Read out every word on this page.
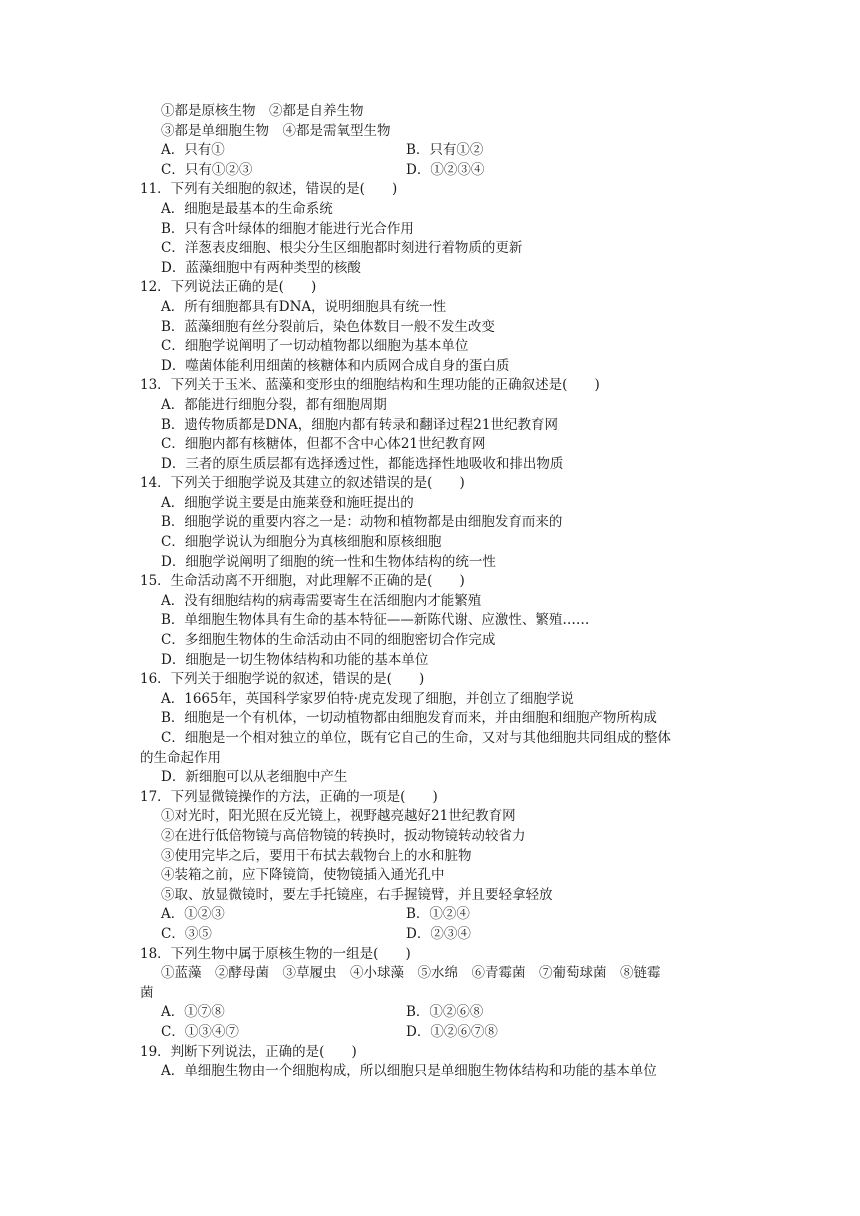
①都是原核生物　②都是自养生物
③都是单细胞生物　④都是需氧型生物
A．只有①	B．只有①②
C．只有①②③	D．①②③④
11．下列有关细胞的叙述，错误的是(　　)
A．细胞是最基本的生命系统
B．只有含叶绿体的细胞才能进行光合作用
C．洋葱表皮细胞、根尖分生区细胞都时刻进行着物质的更新
D．蓝藻细胞中有两种类型的核酸
12．下列说法正确的是(　　)
A．所有细胞都具有DNA，说明细胞具有统一性
B．蓝藻细胞有丝分裂前后，染色体数目一般不发生改变
C．细胞学说阐明了一切动植物都以细胞为基本单位
D．噬菌体能利用细菌的核糖体和内质网合成自身的蛋白质
13．下列关于玉米、蓝藻和变形虫的细胞结构和生理功能的正确叙述是(　　)
A．都能进行细胞分裂，都有细胞周期
B．遗传物质都是DNA，细胞内都有转录和翻译过程21世纪教育网
C．细胞内都有核糖体，但都不含中心体21世纪教育网
D．三者的原生质层都有选择透过性，都能选择性地吸收和排出物质
14．下列关于细胞学说及其建立的叙述错误的是(　　)
A．细胞学说主要是由施莱登和施旺提出的
B．细胞学说的重要内容之一是：动物和植物都是由细胞发育而来的
C．细胞学说认为细胞分为真核细胞和原核细胞
D．细胞学说阐明了细胞的统一性和生物体结构的统一性
15．生命活动离不开细胞，对此理解不正确的是(　　)
A．没有细胞结构的病毒需要寄生在活细胞内才能繁殖
B．单细胞生物体具有生命的基本特征——新陈代谢、应激性、繁殖……
C．多细胞生物体的生命活动由不同的细胞密切合作完成
D．细胞是一切生物体结构和功能的基本单位
16．下列关于细胞学说的叙述，错误的是(　　)
A．1665年，英国科学家罗伯特·虎克发现了细胞，并创立了细胞学说
B．细胞是一个有机体，一切动植物都由细胞发育而来，并由细胞和细胞产物所构成
C．细胞是一个相对独立的单位，既有它自己的生命，又对与其他细胞共同组成的整体
的生命起作用
D．新细胞可以从老细胞中产生
17．下列显微镜操作的方法，正确的一项是(　　)
①对光时，阳光照在反光镜上，视野越亮越好21世纪教育网
②在进行低倍物镜与高倍物镜的转换时，扳动物镜转动较省力
③使用完毕之后，要用干布拭去载物台上的水和脏物
④装箱之前，应下降镜筒，使物镜插入通光孔中
⑤取、放显微镜时，要左手托镜座，右手握镜臂，并且要轻拿轻放
A．①②③	B．①②④
C．③⑤	D．②③④
18．下列生物中属于原核生物的一组是(　　)
①蓝藻　②酵母菌　③草履虫　④小球藻　⑤水绵　⑥青霉菌　⑦葡萄球菌　⑧链霉
菌
A．①⑦⑧	B．①②⑥⑧
C．①③④⑦	D．①②⑥⑦⑧
19．判断下列说法，正确的是(　　)
A．单细胞生物由一个细胞构成，所以细胞只是单细胞生物体结构和功能的基本单位
